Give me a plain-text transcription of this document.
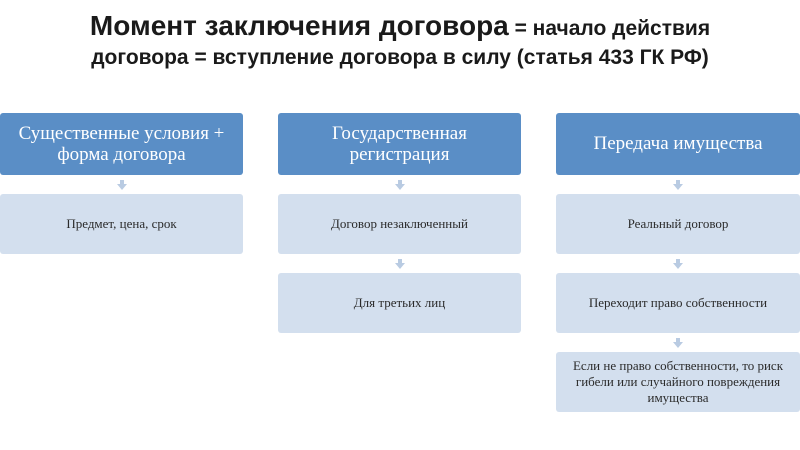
Момент заключения договора = начало действия
договора = вступление договора в силу (статья 433 ГК РФ)
Существенные условия + форма договора
Предмет, цена, срок
Государственная регистрация
Договор незаключенный
Для третьих лиц
Передача имущества
Реальный договор
Переходит право собственности
Если не право собственности, то риск гибели или случайного повреждения имущества
